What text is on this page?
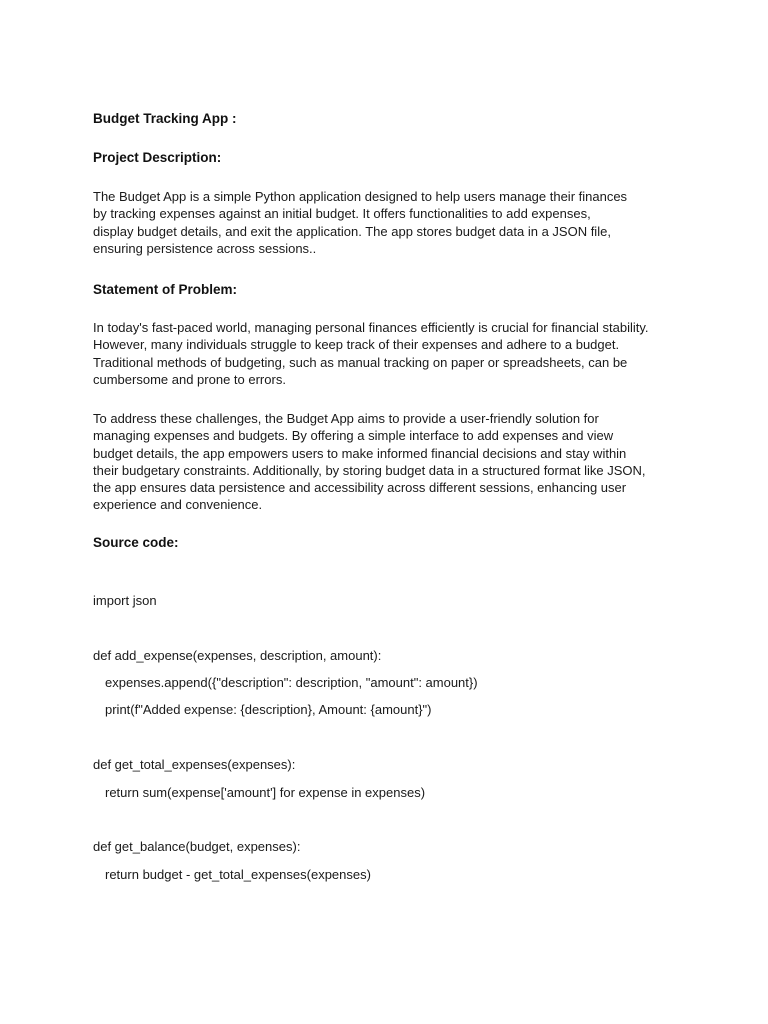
Budget Tracking App :
Project Description:

The Budget App is a simple Python application designed to help users manage their finances
by tracking expenses against an initial budget. It offers functionalities to add expenses,
display budget details, and exit the application. The app stores budget data in a JSON file,
ensuring persistence across sessions..

Statement of Problem:

In today's fast-paced world, managing personal finances efficiently is crucial for financial stability.
However, many individuals struggle to keep track of their expenses and adhere to a budget.
Traditional methods of budgeting, such as manual tracking on paper or spreadsheets, can be
cumbersome and prone to errors.

To address these challenges, the Budget App aims to provide a user-friendly solution for
managing expenses and budgets. By offering a simple interface to add expenses and view
budget details, the app empowers users to make informed financial decisions and stay within
their budgetary constraints. Additionally, by storing budget data in a structured format like JSON,
the app ensures data persistence and accessibility across different sessions, enhancing user
experience and convenience.

Source code:
import json
def add_expense(expenses, description, amount):
expenses.append({"description": description, "amount": amount})
print(f"Added expense: {description}, Amount: {amount}")
def get_total_expenses(expenses):
return sum(expense['amount'] for expense in expenses)
def get_balance(budget, expenses):
return budget - get_total_expenses(expenses)
